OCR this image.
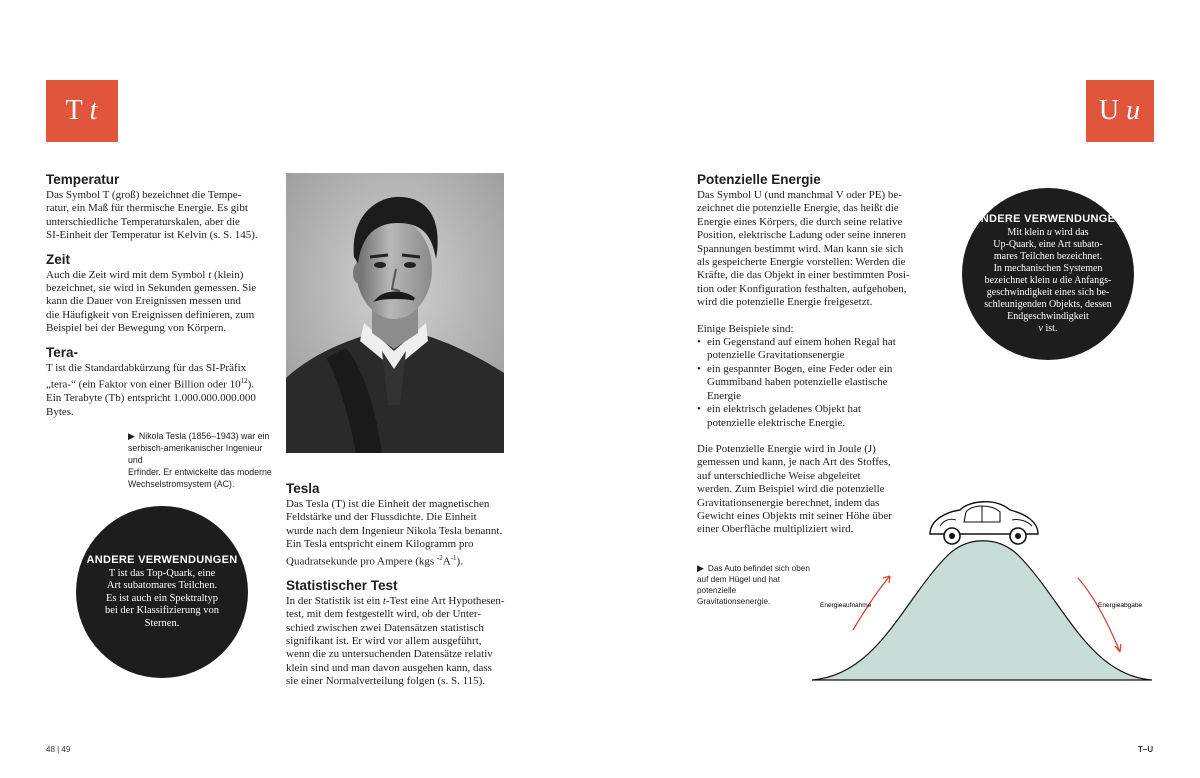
T t	U u
Temperatur

Das Symbol T (groß) bezeichnet die Tempe-
ratur, ein Maß für thermische Energie. Es gibt
unterschiedliche Temperaturskalen, aber die
SI-Einheit der Temperatur ist Kelvin (s. S. 145).

Zeit

Auch die Zeit wird mit dem Symbol t (klein)
bezeichnet, sie wird in Sekunden gemessen. Sie
kann die Dauer von Ereignissen messen und
die Häufigkeit von Ereignissen definieren, zum
Beispiel bei der Bewegung von Körpern.

Tera-

T ist die Standardabkürzung für das SI-Präfix
„tera-“ (ein Faktor von einer Billion oder $10^{12}$).
Ein Terabyte (Tb) entspricht 1.000.000.000.000
Bytes.

▶ Nikola Tesla (1856–1943) war ein
serbisch-amerikanischer Ingenieur und
Erfinder. Er entwickelte das moderne
Wechselstromsystem (AC).
ANDERE VERWENDUNGEN
T ist das Top-Quark, eine
Art subatomares Teilchen.
Es ist auch ein Spektraltyp
bei der Klassifizierung von
Sternen.
Tesla

Das Tesla (T) ist die Einheit der magnetischen
Feldstärke und der Flussdichte. Die Einheit
wurde nach dem Ingenieur Nikola Tesla benannt.
Ein Tesla entspricht einem Kilogramm pro
Quadratsekunde pro Ampere (kgs $^{-2}A^{-1}$).

Statistischer Test

In der Statistik ist ein t-Test eine Art Hypothesen-
test, mit dem festgestellt wird, ob der Unter-
schied zwischen zwei Datensätzen statistisch
signifikant ist. Er wird vor allem ausgeführt,
wenn die zu untersuchenden Datensätze relativ
klein sind und man davon ausgehen kann, dass
sie einer Normalverteilung folgen (s. S. 115).

Potenzielle Energie

Das Symbol U (und manchmal V oder PE) be-
zeichnet die potenzielle Energie, das heißt die
Energie eines Körpers, die durch seine relative
Position, elektrische Ladung oder seine inneren
Spannungen bestimmt wird. Man kann sie sich
als gespeicherte Energie vorstellen: Werden die
Kräfte, die das Objekt in einer bestimmten Posi-
tion oder Konfiguration festhalten, aufgehoben,
wird die potenzielle Energie freigesetzt.

Einige Beispiele sind:

• ein Gegenstand auf einem hohen Regal hat
potenzielle Gravitationsenergie
• ein gespannter Bogen, eine Feder oder ein
Gummiband haben potenzielle elastische
Energie
• ein elektrisch geladenes Objekt hat
potenzielle elektrische Energie.

Die Potenzielle Energie wird in Joule (J)
gemessen und kann, je nach Art des Stoffes,
auf unterschiedliche Weise abgeleitet
werden. Zum Beispiel wird die potenzielle
Gravitationsenergie berechnet, indem das
Gewicht eines Objekts mit seiner Höhe über
einer Oberfläche multipliziert wird.

ANDERE VERWENDUNGEN
Mit klein u wird das
Up-Quark, eine Art subato-
mares Teilchen bezeichnet.
In mechanischen Systemen
bezeichnet klein u die Anfangs-
geschwindigkeit eines sich be-
schleunigenden Objekts, dessen
Endgeschwindigkeit
v ist.
▶ Das Auto befindet sich oben
auf dem Hügel und hat potenzielle
Gravitationsenergie.	Energieaufnahme	Energieabgabe
48 | 49	T–U
